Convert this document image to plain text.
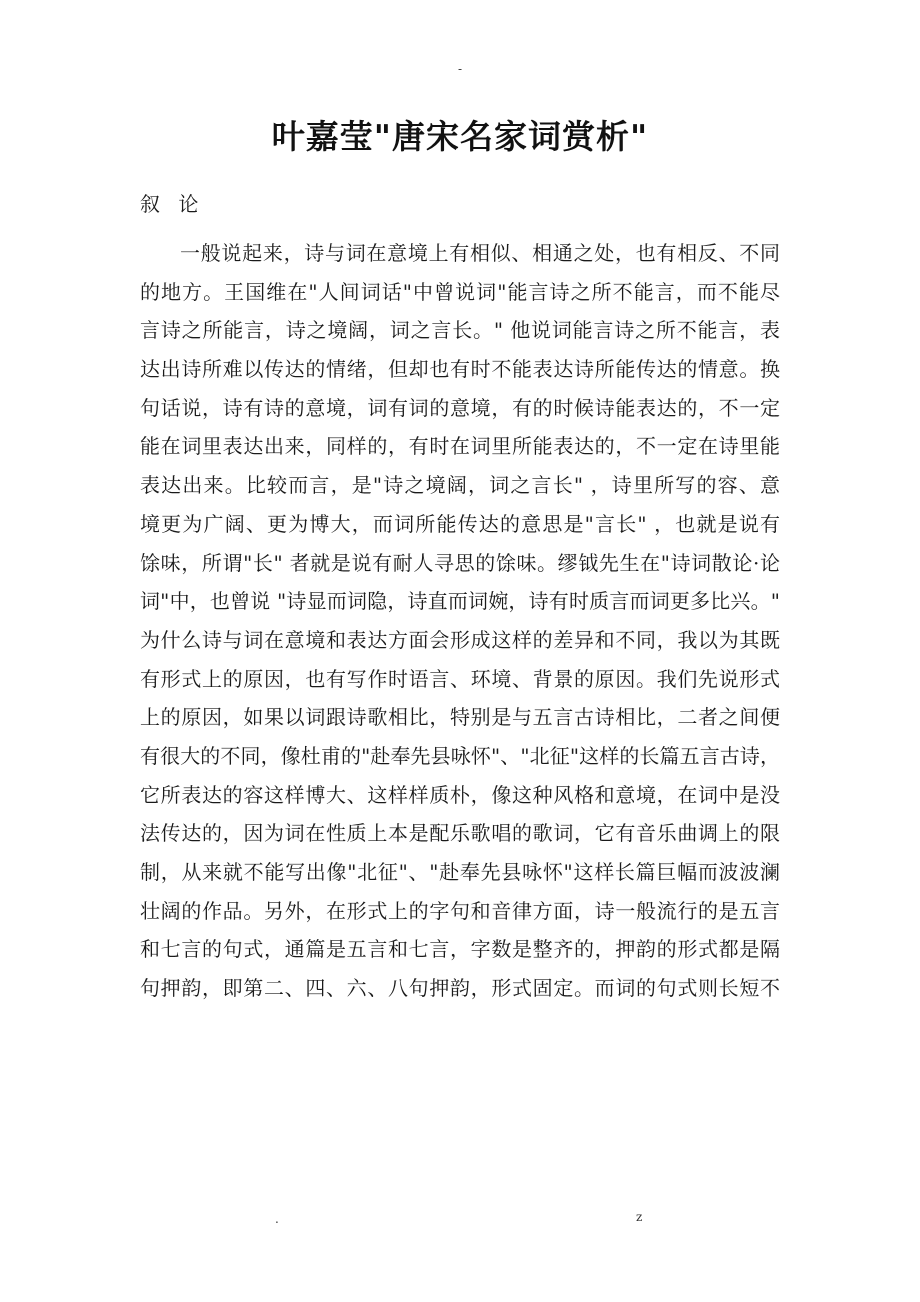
-
叶嘉莹"唐宋名家词赏析"
叙 论
一般说起来，诗与词在意境上有相似、相通之处，也有相反、不同
的地方。王国维在"人间词话"中曾说词"能言诗之所不能言，而不能尽
言诗之所能言，诗之境阔，词之言长。" 他说词能言诗之所不能言，表
达出诗所难以传达的情绪，但却也有时不能表达诗所能传达的情意。换
句话说，诗有诗的意境，词有词的意境，有的时候诗能表达的，不一定
能在词里表达出来，同样的，有时在词里所能表达的，不一定在诗里能
表达出来。比较而言，是"诗之境阔，词之言长" ，诗里所写的容、意
境更为广阔、更为博大，而词所能传达的意思是"言长" ，也就是说有
馀味，所谓"长" 者就是说有耐人寻思的馀味。缪钺先生在"诗词散论·论
词"中，也曾说 "诗显而词隐，诗直而词婉，诗有时质言而词更多比兴。"
为什么诗与词在意境和表达方面会形成这样的差异和不同，我以为其既
有形式上的原因，也有写作时语言、环境、背景的原因。我们先说形式
上的原因，如果以词跟诗歌相比，特别是与五言古诗相比，二者之间便
有很大的不同，像杜甫的"赴奉先县咏怀"、"北征"这样的长篇五言古诗，
它所表达的容这样博大、这样样质朴，像这种风格和意境，在词中是没
法传达的，因为词在性质上本是配乐歌唱的歌词，它有音乐曲调上的限
制，从来就不能写出像"北征"、"赴奉先县咏怀"这样长篇巨幅而波波澜
壮阔的作品。另外，在形式上的字句和音律方面，诗一般流行的是五言
和七言的句式，通篇是五言和七言，字数是整齐的，押韵的形式都是隔
句押韵，即第二、四、六、八句押韵，形式固定。而词的句式则长短不
.	z
